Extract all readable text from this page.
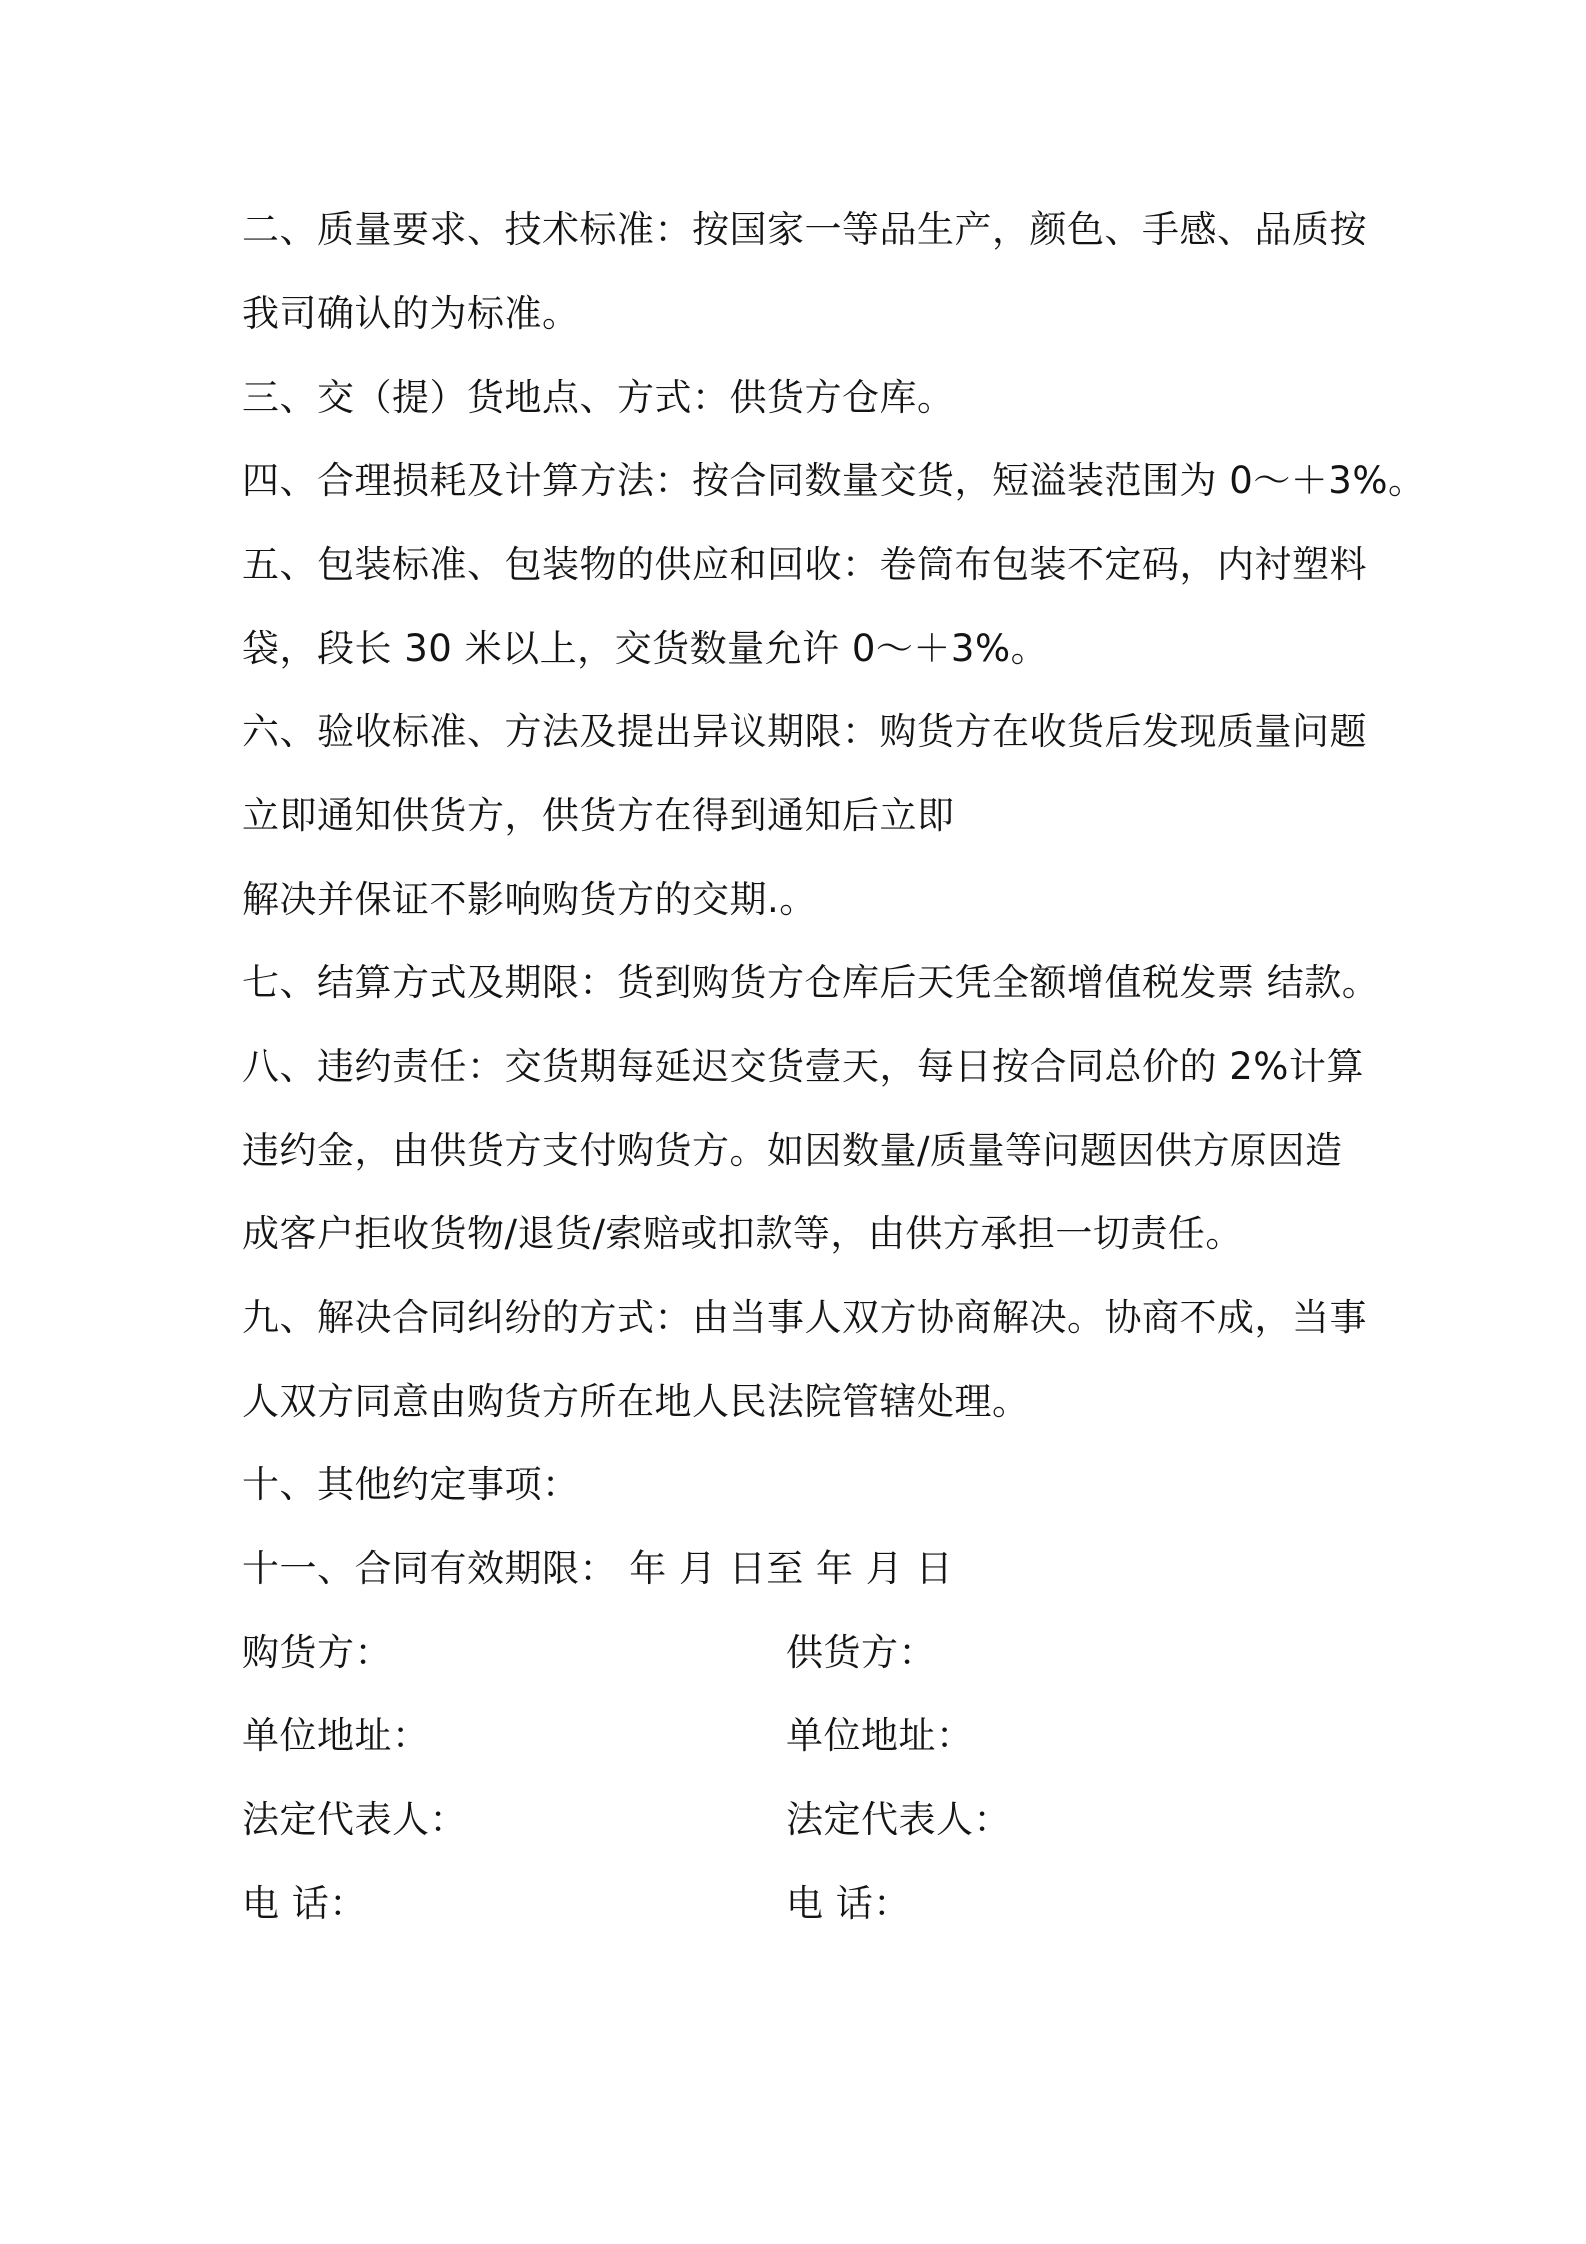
二、质量要求、技术标准：按国家一等品生产，颜色、手感、品质按
我司确认的为标准。
三、交（提）货地点、方式：供货方仓库。
四、合理损耗及计算方法：按合同数量交货，短溢装范围为 0～＋3%。
五、包装标准、包装物的供应和回收：卷筒布包装不定码，内衬塑料
袋，段长 30 米以上，交货数量允许 0～＋3%。
六、验收标准、方法及提出异议期限：购货方在收货后发现质量问题
立即通知供货方，供货方在得到通知后立即
解决并保证不影响购货方的交期.。
七、结算方式及期限：货到购货方仓库后天凭全额增值税发票 结款。
八、违约责任：交货期每延迟交货壹天，每日按合同总价的 2%计算
违约金，由供货方支付购货方。如因数量/质量等问题因供方原因造
成客户拒收货物/退货/索赔或扣款等，由供方承担一切责任。
九、解决合同纠纷的方式：由当事人双方协商解决。协商不成，当事
人双方同意由购货方所在地人民法院管辖处理。
十、其他约定事项：
十一、合同有效期限： 年 月 日至 年 月 日
购货方：	供货方：
单位地址：	单位地址：
法定代表人：	法定代表人：
电 话：	电 话：
